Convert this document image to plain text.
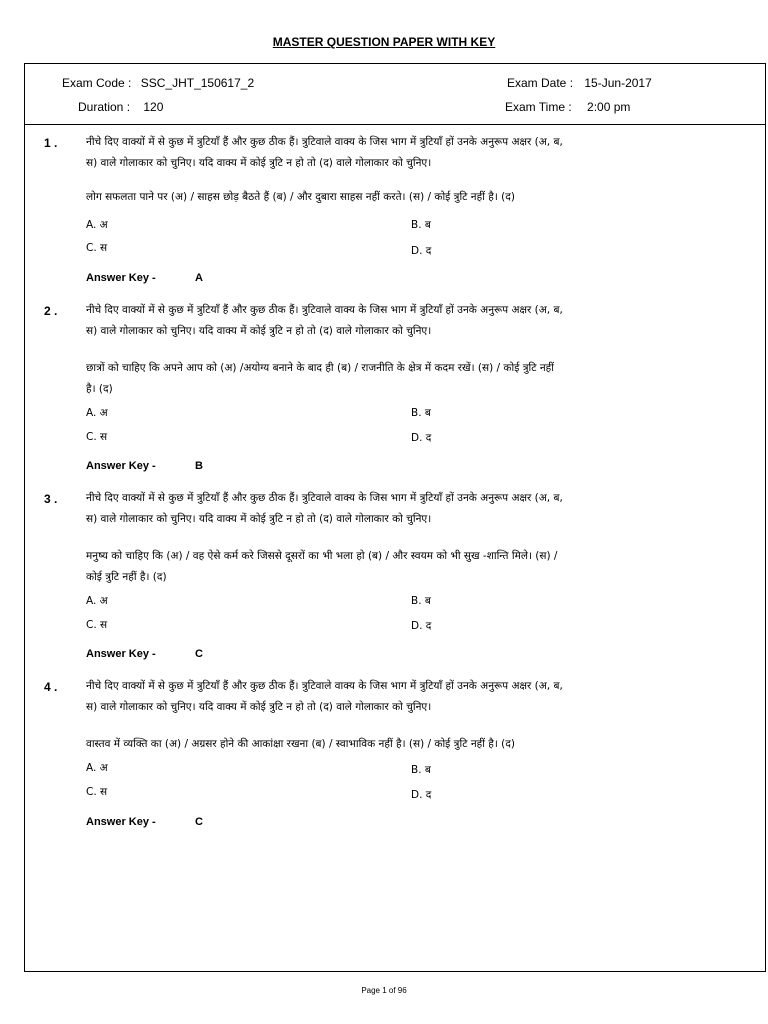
MASTER QUESTION PAPER WITH KEY
Exam Code : SSC_JHT_150617_2
Duration : 120
Exam Date : 15-Jun-2017
Exam Time : 2:00 pm
1 .	नीचे दिए वाक्यों में से कुछ में त्रुटियाँ हैं और कुछ ठीक हैं। त्रुटिवाले वाक्य के जिस भाग में त्रुटियाँ हों उनके अनुरूप अक्षर (अ, ब, स) वाले गोलाकार को चुनिए। यदि वाक्य में कोई त्रुटि न हो तो (द) वाले गोलाकार को चुनिए।
लोग सफलता पाने पर (अ) / साहस छोड़ बैठते हैं (ब) / और दुबारा साहस नहीं करते। (स) / कोई त्रुटि नहीं है। (द)
A. अ	B. ब
C. स	D. द
Answer Key -	A
2 .	नीचे दिए वाक्यों में से कुछ में त्रुटियाँ हैं और कुछ ठीक हैं। त्रुटिवाले वाक्य के जिस भाग में त्रुटियाँ हों उनके अनुरूप अक्षर (अ, ब, स) वाले गोलाकार को चुनिए। यदि वाक्य में कोई त्रुटि न हो तो (द) वाले गोलाकार को चुनिए।
छात्रों को चाहिए कि अपने आप को (अ) /अयोग्य बनाने के बाद ही (ब) / राजनीति के क्षेत्र में कदम रखें। (स) / कोई त्रुटि नहीं है। (द)
A. अ	B. ब
C. स	D. द
Answer Key -	B
3 .	नीचे दिए वाक्यों में से कुछ में त्रुटियाँ हैं और कुछ ठीक हैं। त्रुटिवाले वाक्य के जिस भाग में त्रुटियाँ हों उनके अनुरूप अक्षर (अ, ब, स) वाले गोलाकार को चुनिए। यदि वाक्य में कोई त्रुटि न हो तो (द) वाले गोलाकार को चुनिए।
मनुष्य को चाहिए कि (अ) / वह ऐसे कर्म करे जिससे दूसरों का भी भला हो (ब) / और स्वयम को भी सुख -शान्ति मिले। (स) / कोई त्रुटि नहीं है। (द)
A. अ	B. ब
C. स	D. द
Answer Key -	C
4 .	नीचे दिए वाक्यों में से कुछ में त्रुटियाँ हैं और कुछ ठीक हैं। त्रुटिवाले वाक्य के जिस भाग में त्रुटियाँ हों उनके अनुरूप अक्षर (अ, ब, स) वाले गोलाकार को चुनिए। यदि वाक्य में कोई त्रुटि न हो तो (द) वाले गोलाकार को चुनिए।
वास्तव में व्यक्ति का (अ) / अग्रसर होने की आकांक्षा रखना (ब) / स्वाभाविक नहीं है। (स) / कोई त्रुटि नहीं है। (द)
A. अ	B. ब
C. स	D. द
Answer Key -	C
Page 1 of 96
